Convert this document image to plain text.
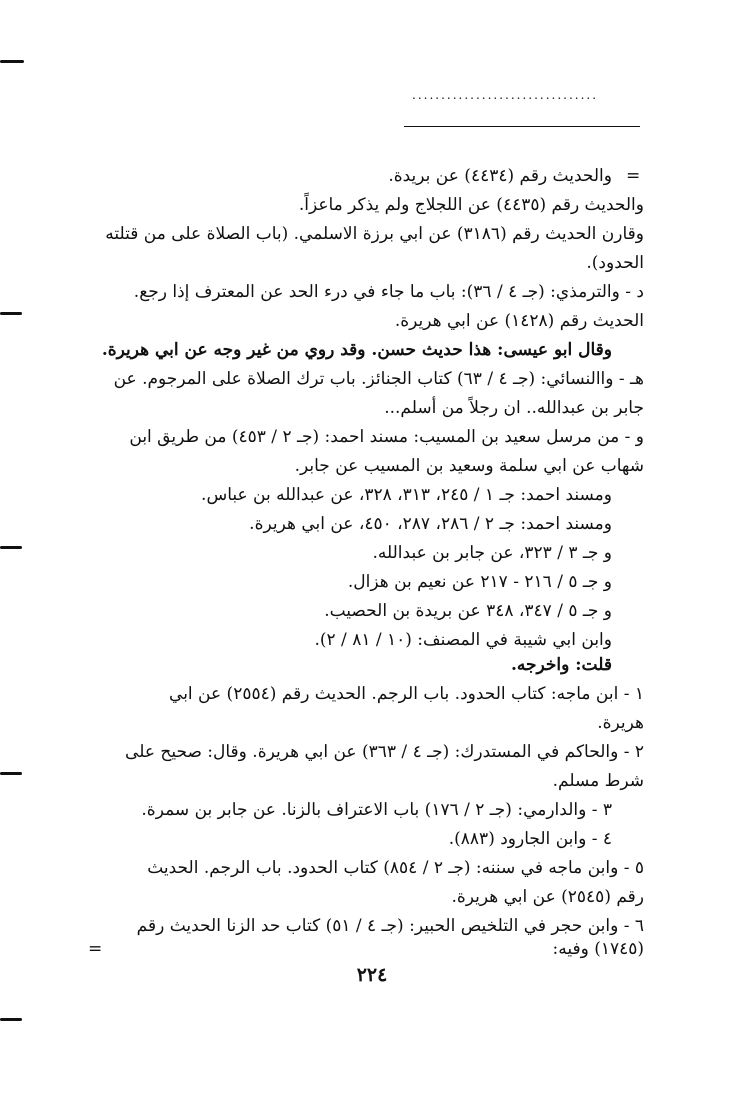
................................
=
والحديث رقم (٤٤٣٤) عن بريدة.
والحديث رقم (٤٤٣٥) عن اللجلاج ولم يذكر ماعزاً.
وقارن الحديث رقم (٣١٨٦) عن ابي برزة الاسلمي. (باب الصلاة على من قتلته
الحدود).
د - والترمذي: (جـ ٤ / ٣٦): باب ما جاء في درء الحد عن المعترف إذا رجع.
الحديث رقم (١٤٢٨) عن ابي هريرة.
وقال ابو عيسى: هذا حديث حسن. وقد روي من غير وجه عن ابي هريرة.
هـ - واالنسائي: (جـ ٤ / ٦٣) كتاب الجنائز. باب ترك الصلاة على المرجوم. عن
جابر بن عبدالله.. ان رجلاً من أسلم...
و - من مرسل سعيد بن المسيب: مسند احمد: (جـ ٢ / ٤٥٣) من طريق ابن
شهاب عن ابي سلمة وسعيد بن المسيب عن جابر.
ومسند احمد: جـ ١ / ٢٤٥، ٣١٣، ٣٢٨، عن عبدالله بن عباس.
ومسند احمد: جـ ٢ / ٢٨٦، ٢٨٧، ٤٥٠، عن ابي هريرة.
و جـ ٣ / ٣٢٣، عن جابر بن عبدالله.
و جـ ٥ / ٢١٦ - ٢١٧ عن نعيم بن هزال.
و جـ ٥ / ٣٤٧، ٣٤٨ عن بريدة بن الحصيب.
وابن ابي شيبة في المصنف: (١٠ / ٨١ / ٢).
قلت: واخرجه.
١ - ابن ماجه: كتاب الحدود. باب الرجم. الحديث رقم (٢٥٥٤) عن ابي
هريرة.
٢ - والحاكم في المستدرك: (جـ ٤ / ٣٦٣) عن ابي هريرة. وقال: صحيح على
شرط مسلم.
٣ - والدارمي: (جـ ٢ / ١٧٦) باب الاعتراف بالزنا. عن جابر بن سمرة.
٤ - وابن الجارود (٨٨٣).
٥ - وابن ماجه في سننه: (جـ ٢ / ٨٥٤) كتاب الحدود. باب الرجم. الحديث
رقم (٢٥٤٥) عن ابي هريرة.
٦ - وابن حجر في التلخيص الحبير: (جـ ٤ / ٥١) كتاب حد الزنا الحديث رقم
(١٧٤٥) وفيه:
=
٢٢٤
